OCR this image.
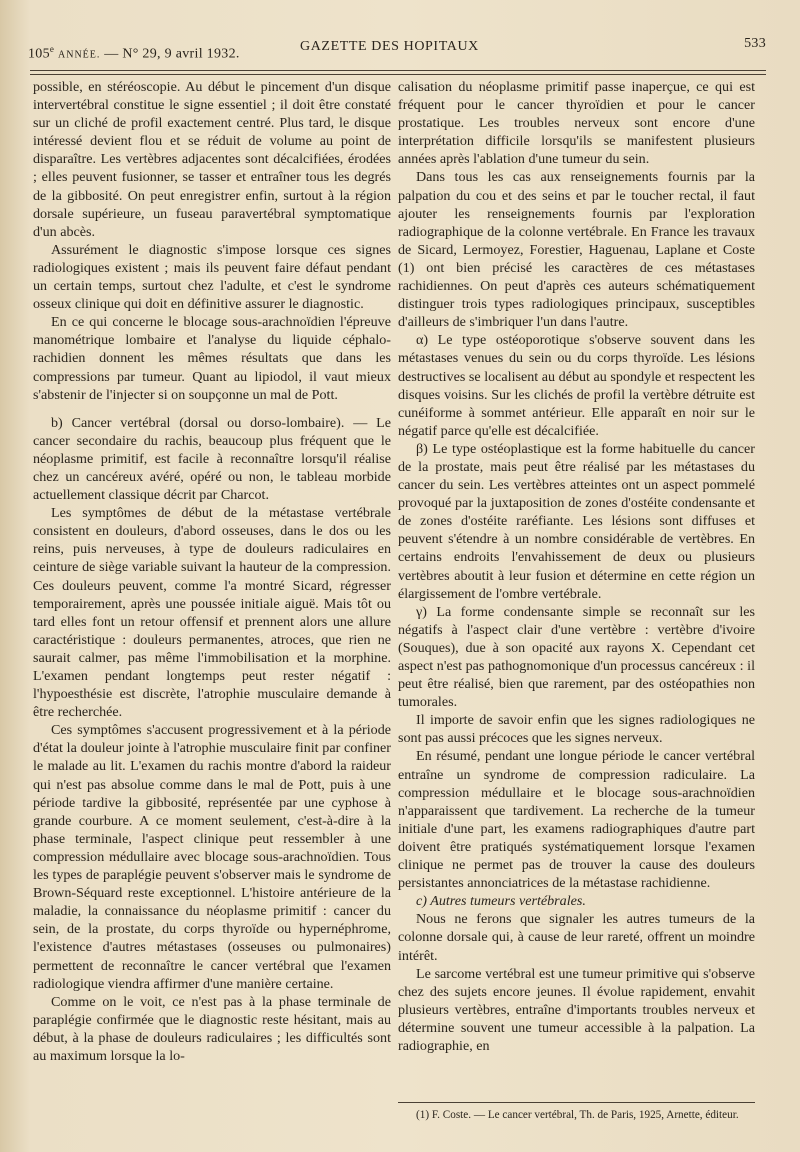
105e ANNÉE. — N° 29, 9 avril 1932.
GAZETTE DES HOPITAUX	533

possible, en stéréoscopie. Au début le pincement d'un disque intervertébral constitue le signe essentiel ; il doit être constaté sur un cliché de profil exactement centré. Plus tard, le disque intéressé devient flou et se réduit de volume au point de disparaître. Les vertèbres adjacentes sont décalcifiées, érodées ; elles peuvent fusionner, se tasser et entraîner tous les degrés de la gibbosité. On peut enregistrer enfin, surtout à la région dorsale supérieure, un fuseau paravertébral symptomatique d'un abcès.

Assurément le diagnostic s'impose lorsque ces signes radiologiques existent ; mais ils peuvent faire défaut pendant un certain temps, surtout chez l'adulte, et c'est le syndrome osseux clinique qui doit en définitive assurer le diagnostic.

En ce qui concerne le blocage sous-arachnoïdien l'épreuve manométrique lombaire et l'analyse du liquide céphalo-rachidien donnent les mêmes résultats que dans les compressions par tumeur. Quant au lipiodol, il vaut mieux s'abstenir de l'injecter si on soupçonne un mal de Pott.

b) Cancer vertébral (dorsal ou dorso-lombaire). — Le cancer secondaire du rachis, beaucoup plus fréquent que le néoplasme primitif, est facile à reconnaître lorsqu'il réalise chez un cancéreux avéré, opéré ou non, le tableau morbide actuellement classique décrit par Charcot.

Les symptômes de début de la métastase vertébrale consistent en douleurs, d'abord osseuses, dans le dos ou les reins, puis nerveuses, à type de douleurs radiculaires en ceinture de siège variable suivant la hauteur de la compression. Ces douleurs peuvent, comme l'a montré Sicard, régresser temporairement, après une poussée initiale aiguë. Mais tôt ou tard elles font un retour offensif et prennent alors une allure caractéristique : douleurs permanentes, atroces, que rien ne saurait calmer, pas même l'immobilisation et la morphine. L'examen pendant longtemps peut rester négatif : l'hypoesthésie est discrète, l'atrophie musculaire demande à être recherchée.

Ces symptômes s'accusent progressivement et à la période d'état la douleur jointe à l'atrophie musculaire finit par confiner le malade au lit. L'examen du rachis montre d'abord la raideur qui n'est pas absolue comme dans le mal de Pott, puis à une période tardive la gibbosité, représentée par une cyphose à grande courbure. A ce moment seulement, c'est-à-dire à la phase terminale, l'aspect clinique peut ressembler à une compression médullaire avec blocage sous-arachnoïdien. Tous les types de paraplégie peuvent s'observer mais le syndrome de Brown-Séquard reste exceptionnel. L'histoire antérieure de la maladie, la connaissance du néoplasme primitif : cancer du sein, de la prostate, du corps thyroïde ou hypernéphrome, l'existence d'autres métastases (osseuses ou pulmonaires) permettent de reconnaître le cancer vertébral que l'examen radiologique viendra affirmer d'une manière certaine.

Comme on le voit, ce n'est pas à la phase terminale de paraplégie confirmée que le diagnostic reste hésitant, mais au début, à la phase de douleurs radiculaires ; les difficultés sont au maximum lorsque la lo-

calisation du néoplasme primitif passe inaperçue, ce qui est fréquent pour le cancer thyroïdien et pour le cancer prostatique. Les troubles nerveux sont encore d'une interprétation difficile lorsqu'ils se manifestent plusieurs années après l'ablation d'une tumeur du sein.

Dans tous les cas aux renseignements fournis par la palpation du cou et des seins et par le toucher rectal, il faut ajouter les renseignements fournis par l'exploration radiographique de la colonne vertébrale. En France les travaux de Sicard, Lermoyez, Forestier, Haguenau, Laplane et Coste (1) ont bien précisé les caractères de ces métastases rachidiennes. On peut d'après ces auteurs schématiquement distinguer trois types radiologiques principaux, susceptibles d'ailleurs de s'imbriquer l'un dans l'autre.

α) Le type ostéoporotique s'observe souvent dans les métastases venues du sein ou du corps thyroïde. Les lésions destructives se localisent au début au spondyle et respectent les disques voisins. Sur les clichés de profil la vertèbre détruite est cunéiforme à sommet antérieur. Elle apparaît en noir sur le négatif parce qu'elle est décalcifiée.

β) Le type ostéoplastique est la forme habituelle du cancer de la prostate, mais peut être réalisé par les métastases du cancer du sein. Les vertèbres atteintes ont un aspect pommelé provoqué par la juxtaposition de zones d'ostéite condensante et de zones d'ostéite raréfiante. Les lésions sont diffuses et peuvent s'étendre à un nombre considérable de vertèbres. En certains endroits l'envahissement de deux ou plusieurs vertèbres aboutit à leur fusion et détermine en cette région un élargissement de l'ombre vertébrale.

γ) La forme condensante simple se reconnaît sur les négatifs à l'aspect clair d'une vertèbre : vertèbre d'ivoire (Souques), due à son opacité aux rayons X. Cependant cet aspect n'est pas pathognomonique d'un processus cancéreux : il peut être réalisé, bien que rarement, par des ostéopathies non tumorales.

Il importe de savoir enfin que les signes radiologiques ne sont pas aussi précoces que les signes nerveux.

En résumé, pendant une longue période le cancer vertébral entraîne un syndrome de compression radiculaire. La compression médullaire et le blocage sous-arachnoïdien n'apparaissent que tardivement. La recherche de la tumeur initiale d'une part, les examens radiographiques d'autre part doivent être pratiqués systématiquement lorsque l'examen clinique ne permet pas de trouver la cause des douleurs persistantes annonciatrices de la métastase rachidienne.

c) Autres tumeurs vertébrales.

Nous ne ferons que signaler les autres tumeurs de la colonne dorsale qui, à cause de leur rareté, offrent un moindre intérêt.

Le sarcome vertébral est une tumeur primitive qui s'observe chez des sujets encore jeunes. Il évolue rapidement, envahit plusieurs vertèbres, entraîne d'importants troubles nerveux et détermine souvent une tumeur accessible à la palpation. La radiographie, en

(1) F. Coste. — Le cancer vertébral, Th. de Paris, 1925, Arnette, éditeur.
